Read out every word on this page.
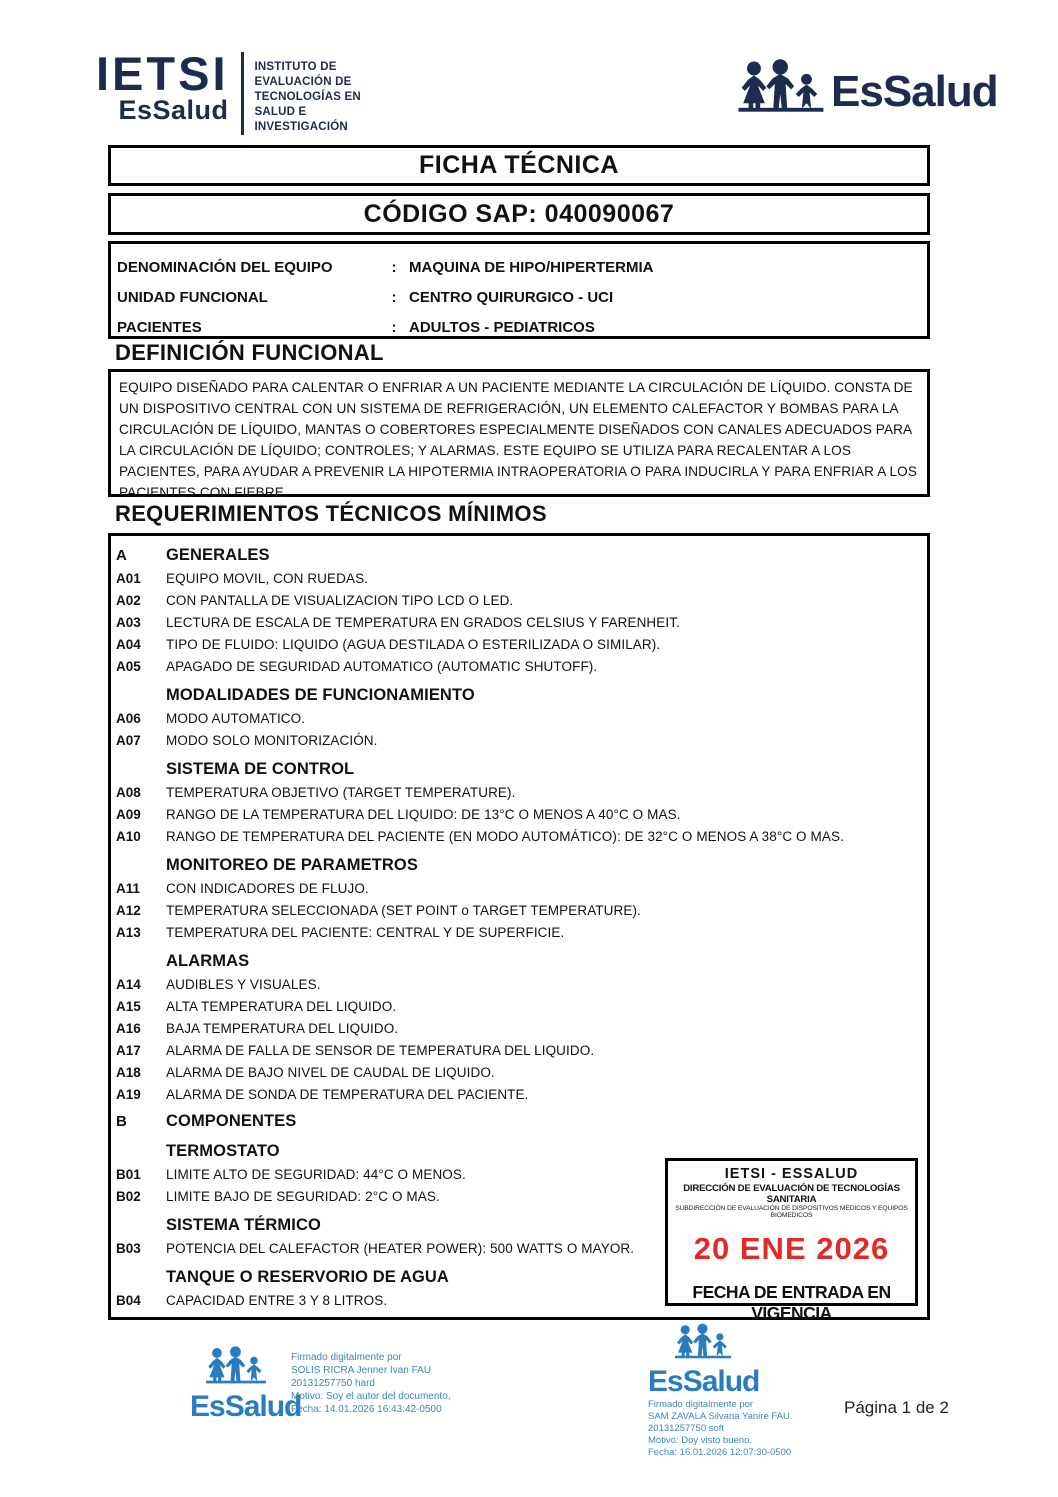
IETSI
EsSalud
INSTITUTO DE
EVALUACIÓN DE
TECNOLOGÍAS EN
SALUD E
INVESTIGACIÓN
EsSalud
FICHA TÉCNICA
CÓDIGO SAP: 040090067
DENOMINACIÓN DEL EQUIPO	: MAQUINA DE HIPO/HIPERTERMIA
UNIDAD FUNCIONAL	: CENTRO QUIRURGICO - UCI
PACIENTES	: ADULTOS - PEDIATRICOS
DEFINICIÓN FUNCIONAL
EQUIPO DISEÑADO PARA CALENTAR O ENFRIAR A UN PACIENTE MEDIANTE LA CIRCULACIÓN DE LÍQUIDO. CONSTA DE UN DISPOSITIVO CENTRAL CON UN SISTEMA DE REFRIGERACIÓN, UN ELEMENTO CALEFACTOR Y BOMBAS PARA LA CIRCULACIÓN DE LÍQUIDO, MANTAS O COBERTORES ESPECIALMENTE DISEÑADOS CON CANALES ADECUADOS PARA LA CIRCULACIÓN DE LÍQUIDO; CONTROLES; Y ALARMAS. ESTE EQUIPO SE UTILIZA PARA RECALENTAR A LOS PACIENTES, PARA AYUDAR A PREVENIR LA HIPOTERMIA INTRAOPERATORIA O PARA INDUCIRLA Y PARA ENFRIAR A LOS PACIENTES CON FIEBRE.
REQUERIMIENTOS TÉCNICOS MÍNIMOS
A	GENERALES
A01	EQUIPO MOVIL, CON RUEDAS.
A02	CON PANTALLA DE VISUALIZACION TIPO LCD O LED.
A03	LECTURA DE ESCALA DE TEMPERATURA EN GRADOS CELSIUS Y FARENHEIT.
A04	TIPO DE FLUIDO: LIQUIDO (AGUA DESTILADA O ESTERILIZADA O SIMILAR).
A05	APAGADO DE SEGURIDAD AUTOMATICO (AUTOMATIC SHUTOFF).
MODALIDADES DE FUNCIONAMIENTO
A06	MODO AUTOMATICO.
A07	MODO SOLO MONITORIZACIÓN.
SISTEMA DE CONTROL
A08	TEMPERATURA OBJETIVO (TARGET TEMPERATURE).
A09	RANGO DE LA TEMPERATURA DEL LIQUIDO: DE 13°C O MENOS A 40°C O MAS.
A10	RANGO DE TEMPERATURA DEL PACIENTE (EN MODO AUTOMÁTICO): DE 32°C O MENOS A 38°C O MAS.
MONITOREO DE PARAMETROS
A11	CON INDICADORES DE FLUJO.
A12	TEMPERATURA SELECCIONADA (SET POINT o TARGET TEMPERATURE).
A13	TEMPERATURA DEL PACIENTE: CENTRAL Y DE SUPERFICIE.
ALARMAS
A14	AUDIBLES Y VISUALES.
A15	ALTA TEMPERATURA DEL LIQUIDO.
A16	BAJA TEMPERATURA DEL LIQUIDO.
A17	ALARMA DE FALLA DE SENSOR DE TEMPERATURA DEL LIQUIDO.
A18	ALARMA DE BAJO NIVEL DE CAUDAL DE LIQUIDO.
A19	ALARMA DE SONDA DE TEMPERATURA DEL PACIENTE.
B	COMPONENTES
TERMOSTATO
B01	LIMITE ALTO DE SEGURIDAD: 44°C O MENOS.
B02	LIMITE BAJO DE SEGURIDAD: 2°C O MAS.
SISTEMA TÉRMICO
B03	POTENCIA DEL CALEFACTOR (HEATER POWER): 500 WATTS O MAYOR.
TANQUE O RESERVORIO DE AGUA
B04	CAPACIDAD ENTRE 3 Y 8 LITROS.
IETSI - ESSALUD
DIRECCIÓN DE EVALUACIÓN DE TECNOLOGÍAS SANITARIA
SUBDIRECCIÓN DE EVALUACIÓN DE DISPOSITIVOS MEDICOS Y EQUIPOS BIOMEDICOS
20 ENE 2026
FECHA DE ENTRADA EN VIGENCIA
EsSalud
Firmado digitalmente por
SOLIS RICRA Jenner Ivan FAU
20131257750 hard
Motivo: Soy el autor del documento,
Fecha: 14.01.2026 16:43:42-0500
EsSalud
Firmado digitalmente por
SAM ZAVALA Silvana Yanire FAU
20131257750 soft
Motivo: Doy visto bueno.
Fecha: 16.01.2026 12:07:30-0500
Página 1 de 2
